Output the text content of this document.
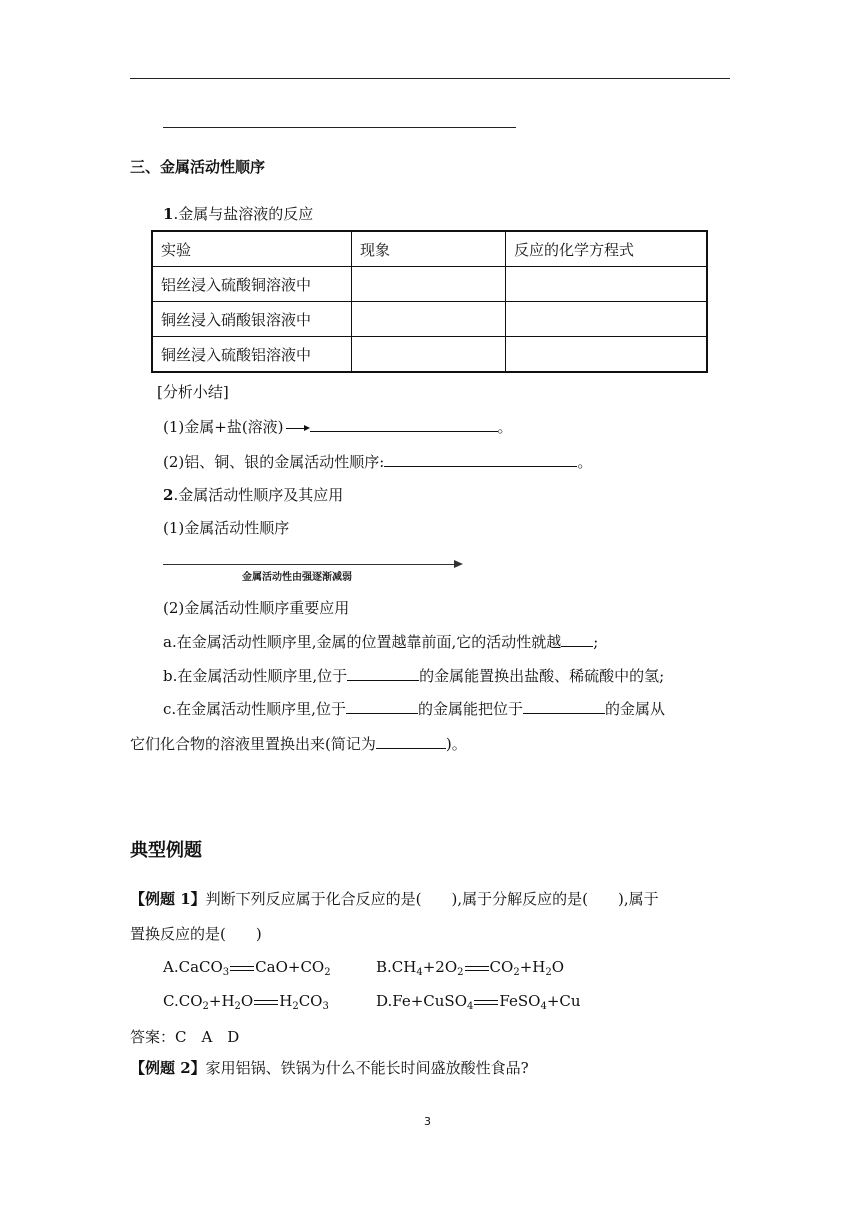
三、金属活动性顺序
1.金属与盐溶液的反应
实验	现象	反应的化学方程式
铝丝浸入硫酸铜溶液中		
铜丝浸入硝酸银溶液中		
铜丝浸入硫酸铝溶液中		
[分析小结]
(1)金属+盐(溶液) →	。
(2)铝、铜、银的金属活动性顺序:	。
2.金属活动性顺序及其应用
(1)金属活动性顺序
金属活动性由强逐渐减弱
(2)金属活动性顺序重要应用
a.在金属活动性顺序里,金属的位置越靠前面,它的活动性就越 ;
b.在金属活动性顺序里,位于	的金属能置换出盐酸、稀硫酸中的氢;
c.在金属活动性顺序里,位于	的金属能把位于	的金属从
它们化合物的溶液里置换出来(简记为	)。
典型例题
【例题 1】判断下列反应属于化合反应的是(　　),属于分解反应的是(　　),属于
置换反应的是(　　)
A.CaCO$_3$ $CaO+CO_2$	$B.CH_4+2O_2$ $CO_2+H_2O$
$C.CO_2+H_2O$ $H_2CO_3$	D.Fe+CuSO$_4$ FeSO$_4$+Cu
答案：C　A　D
【例题 2】家用铝锅、铁锅为什么不能长时间盛放酸性食品?
3
